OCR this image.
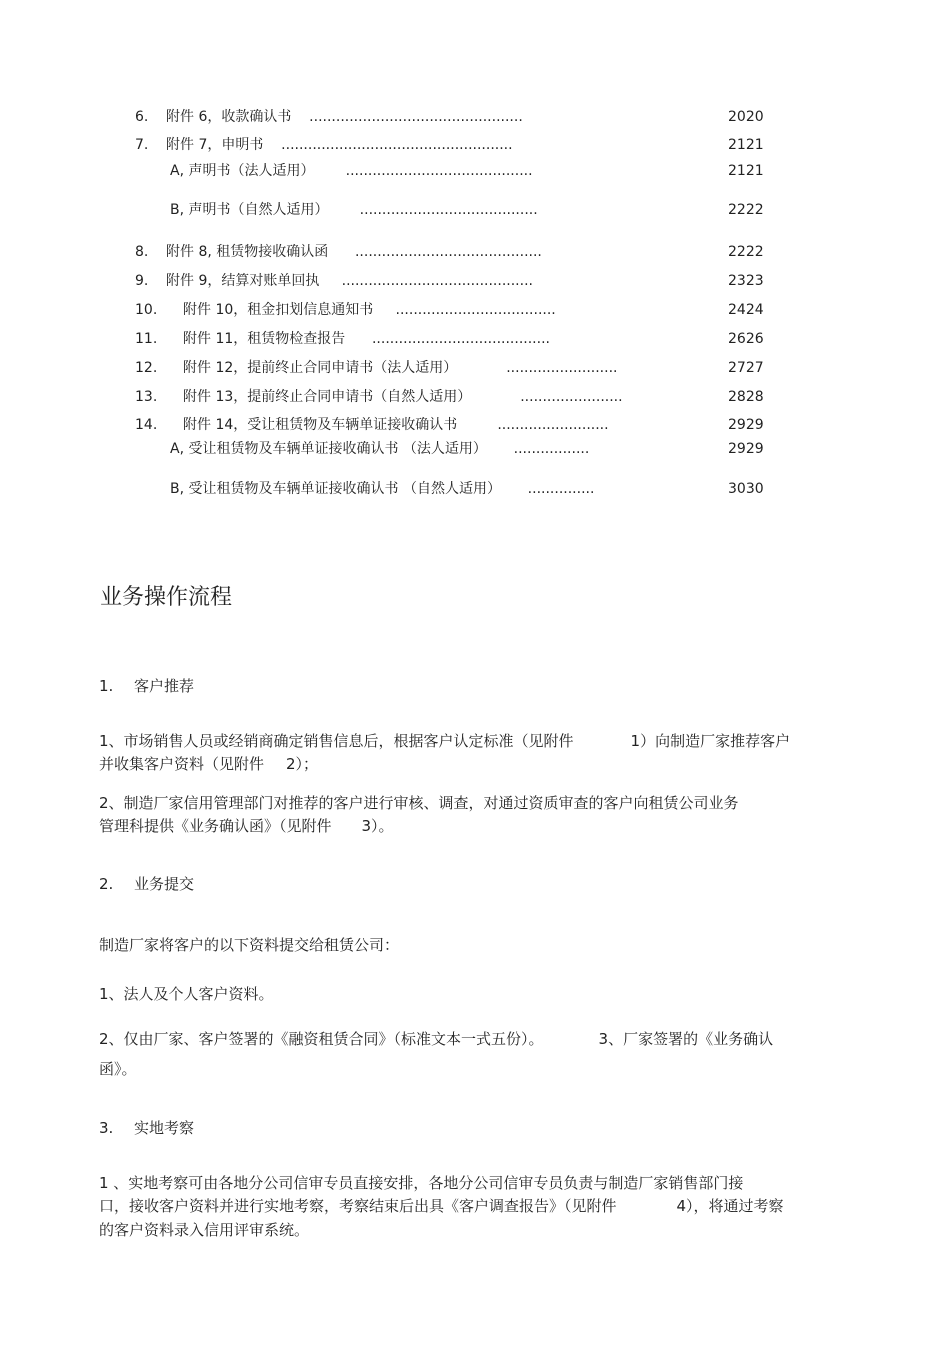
6. 附件 6，收款确认书 ................................................	2020
7. 附件 7，申明书 ....................................................	2121
A, 声明书（法人适用） ..........................................	2121
B, 声明书（自然人适用） ........................................	2222
8. 附件 8, 租赁物接收确认函 ..........................................	2222
9. 附件 9，结算对账单回执 ...........................................	2323
10. 附件 10，租金扣划信息通知书 ....................................	2424
11. 附件 11，租赁物检查报告 ........................................	2626
12. 附件 12，提前终止合同申请书（法人适用）	.........................	2727
13. 附件 13，提前终止合同申请书（自然人适用）	.......................	2828
14. 附件 14，受让租赁物及车辆单证接收确认书	.........................	2929
A, 受让租赁物及车辆单证接收确认书 （法人适用） .................	2929
B, 受让租赁物及车辆单证接收确认书 （自然人适用） ...............	3030
业务操作流程
1. 客户推荐
1、市场销售人员或经销商确定销售信息后，根据客户认定标准（见附件	1）向制造厂家推荐客户
并收集客户资料（见附件 2）；
2、制造厂家信用管理部门对推荐的客户进行审核、调查，对通过资质审查的客户向租赁公司业务
管理科提供《业务确认函》（见附件 3）。
2. 业务提交
制造厂家将客户的以下资料提交给租赁公司：
1、法人及个人客户资料。
2、仅由厂家、客户签署的《融资租赁合同》（标准文本一式五份）。	3、厂家签署的《业务确认
函》。
3. 实地考察
1 、实地考察可由各地分公司信审专员直接安排，各地分公司信审专员负责与制造厂家销售部门接
口，接收客户资料并进行实地考察，考察结束后出具《客户调查报告》（见附件	4），将通过考察
的客户资料录入信用评审系统。
